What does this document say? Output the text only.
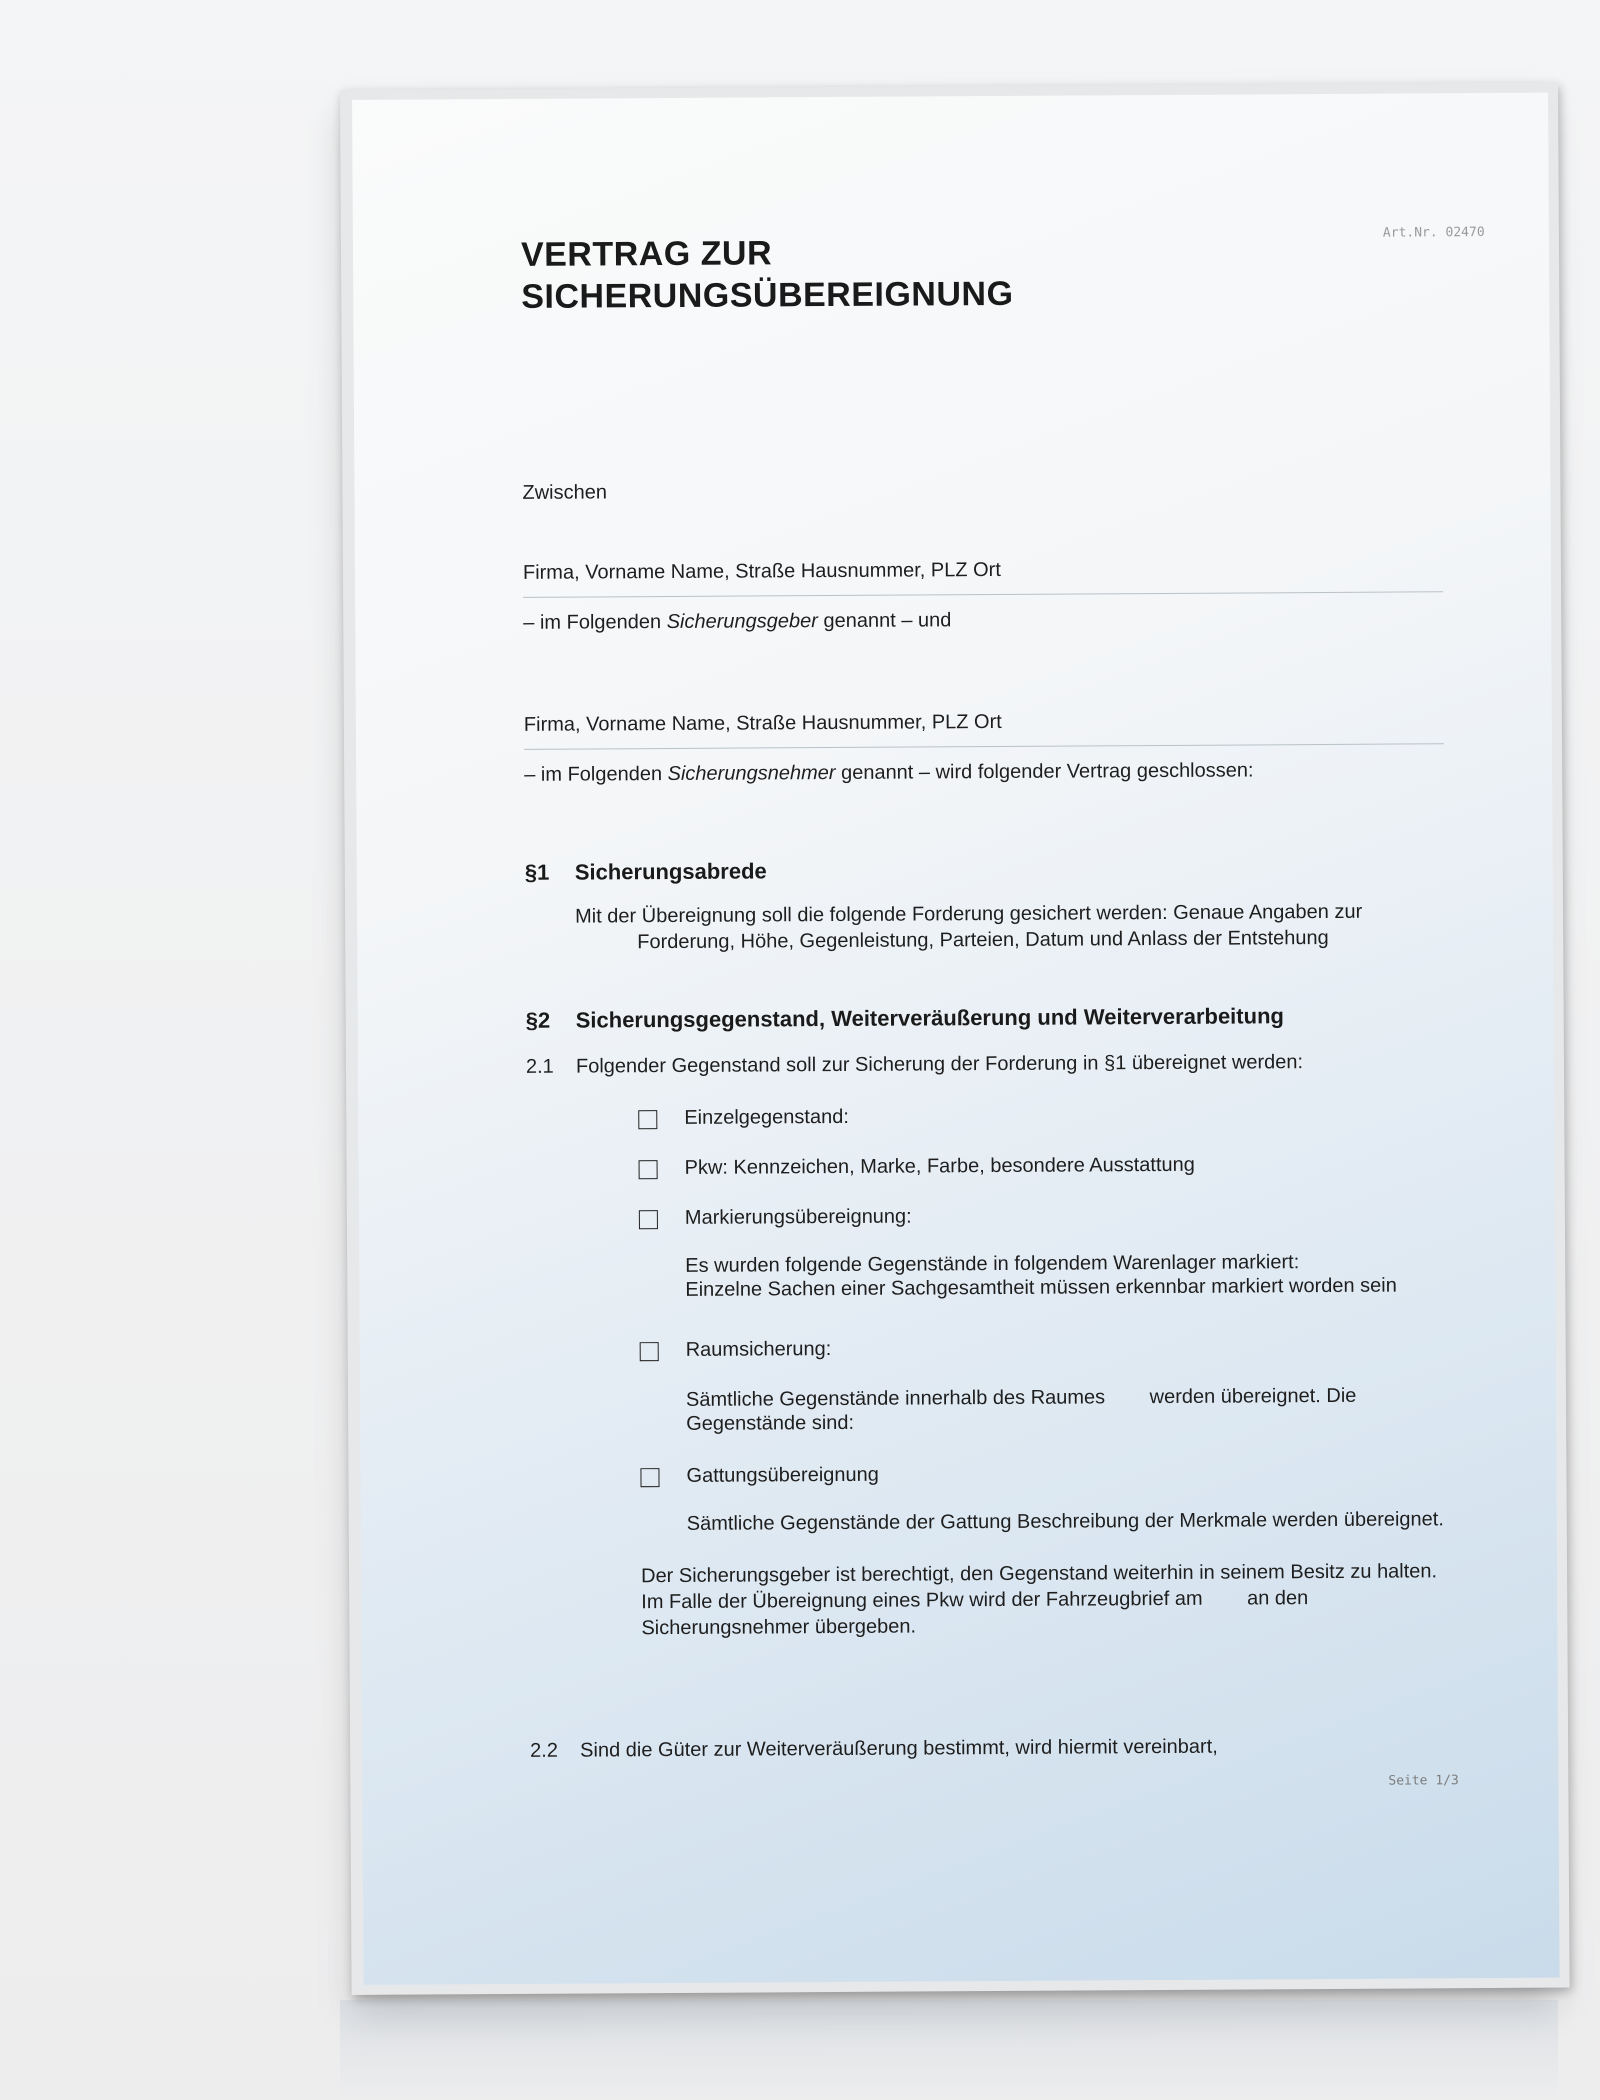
Art.Nr. 02470
VERTRAG ZUR
SICHERUNGSÜBEREIGNUNG
Zwischen
Firma, Vorname Name, Straße Hausnummer, PLZ Ort
– im Folgenden Sicherungsgeber genannt – und
Firma, Vorname Name, Straße Hausnummer, PLZ Ort
– im Folgenden Sicherungsnehmer genannt – wird folgender Vertrag geschlossen:
§1 Sicherungsabrede
Mit der Übereignung soll die folgende Forderung gesichert werden: Genaue Angaben zur
Forderung, Höhe, Gegenleistung, Parteien, Datum und Anlass der Entstehung
§2 Sicherungsgegenstand, Weiterveräußerung und Weiterverarbeitung
2.1 Folgender Gegenstand soll zur Sicherung der Forderung in §1 übereignet werden:
Einzelgegenstand:
Pkw: Kennzeichen, Marke, Farbe, besondere Ausstattung
Markierungsübereignung:
Es wurden folgende Gegenstände in folgendem Warenlager markiert:
Einzelne Sachen einer Sachgesamtheit müssen erkennbar markiert worden sein
Raumsicherung:
Sämtliche Gegenstände innerhalb des Raumes        werden übereignet. Die
Gegenstände sind:
Gattungsübereignung
Sämtliche Gegenstände der Gattung Beschreibung der Merkmale werden übereignet.
Der Sicherungsgeber ist berechtigt, den Gegenstand weiterhin in seinem Besitz zu halten.
Im Falle der Übereignung eines Pkw wird der Fahrzeugbrief am        an den
Sicherungsnehmer übergeben.
2.2 Sind die Güter zur Weiterveräußerung bestimmt, wird hiermit vereinbart,
Seite 1/3
